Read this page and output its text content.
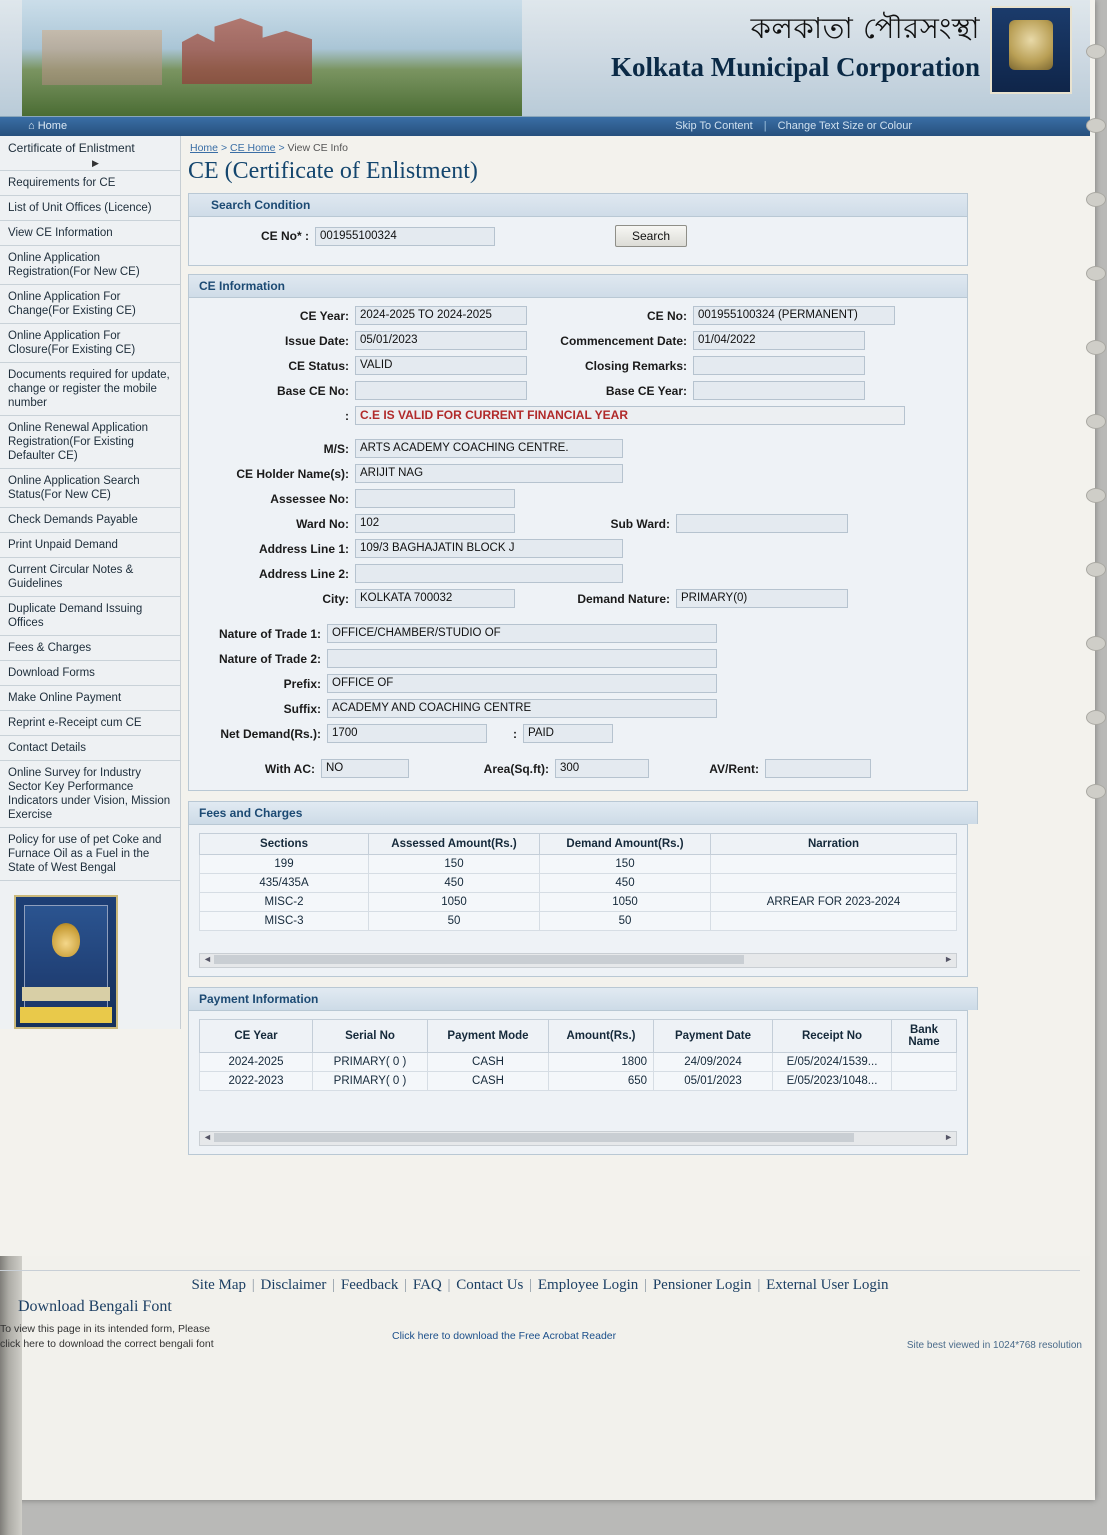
কলকাতা পৌরসংস্থা
Kolkata Municipal Corporation
⌂ Home	Skip To Content | Change Text Size or Colour
Certificate of Enlistment
▶
Requirements for CE
List of Unit Offices (Licence)
View CE Information
Online Application Registration(For New CE)
Online Application For Change(For Existing CE)
Online Application For Closure(For Existing CE)
Documents required for update, change or register the mobile number
Online Renewal Application Registration(For Existing Defaulter CE)
Online Application Search Status(For New CE)
Check Demands Payable
Print Unpaid Demand
Current Circular Notes & Guidelines
Duplicate Demand Issuing Offices
Fees & Charges
Download Forms
Make Online Payment
Reprint e-Receipt cum CE
Contact Details
Online Survey for Industry Sector Key Performance Indicators under Vision, Mission Exercise
Policy for use of pet Coke and Furnace Oil as a Fuel in the State of West Bengal
Home > CE Home > View CE Info
CE (Certificate of Enlistment)
Search Condition
CE No* : 001955100324	Search
CE Information
CE Year: 2024-2025 TO 2024-2025	CE No: 001955100324 (PERMANENT)
Issue Date: 05/01/2023	Commencement Date: 01/04/2022
CE Status: VALID	Closing Remarks:
Base CE No:	Base CE Year:
: C.E IS VALID FOR CURRENT FINANCIAL YEAR
M/S: ARTS ACADEMY COACHING CENTRE.
CE Holder Name(s): ARIJIT NAG
Assessee No:
Ward No: 102	Sub Ward:
Address Line 1: 109/3 BAGHAJATIN BLOCK J
Address Line 2:
City: KOLKATA 700032	Demand Nature: PRIMARY(0)
Nature of Trade 1: OFFICE/CHAMBER/STUDIO OF
Nature of Trade 2:
Prefix: OFFICE OF
Suffix: ACADEMY AND COACHING CENTRE
Net Demand(Rs.): 1700	: PAID
With AC: NO	Area(Sq.ft): 300	AV/Rent:
Fees and Charges
Sections	Assessed Amount(Rs.)	Demand Amount(Rs.)	Narration
199	150	150	
435/435A	450	450	
MISC-2	1050	1050	ARREAR FOR 2023-2024
MISC-3	50	50	
◄	►
Payment Information
CE Year	Serial No	Payment Mode	Amount(Rs.)	Payment Date	Receipt No	Bank Name
2024-2025	PRIMARY( 0 )	CASH	1800	24/09/2024	E/05/2024/1539...	
2022-2023	PRIMARY( 0 )	CASH	650	05/01/2023	E/05/2023/1048...	
◄	►
Site Map | Disclaimer | Feedback | FAQ | Contact Us | Employee Login | Pensioner Login | External User Login
Download Bengali Font
To view this page in its intended form, Please
click here to download the correct bengali font
Click here to download the Free Acrobat Reader
Site best viewed in 1024*768 resolution
